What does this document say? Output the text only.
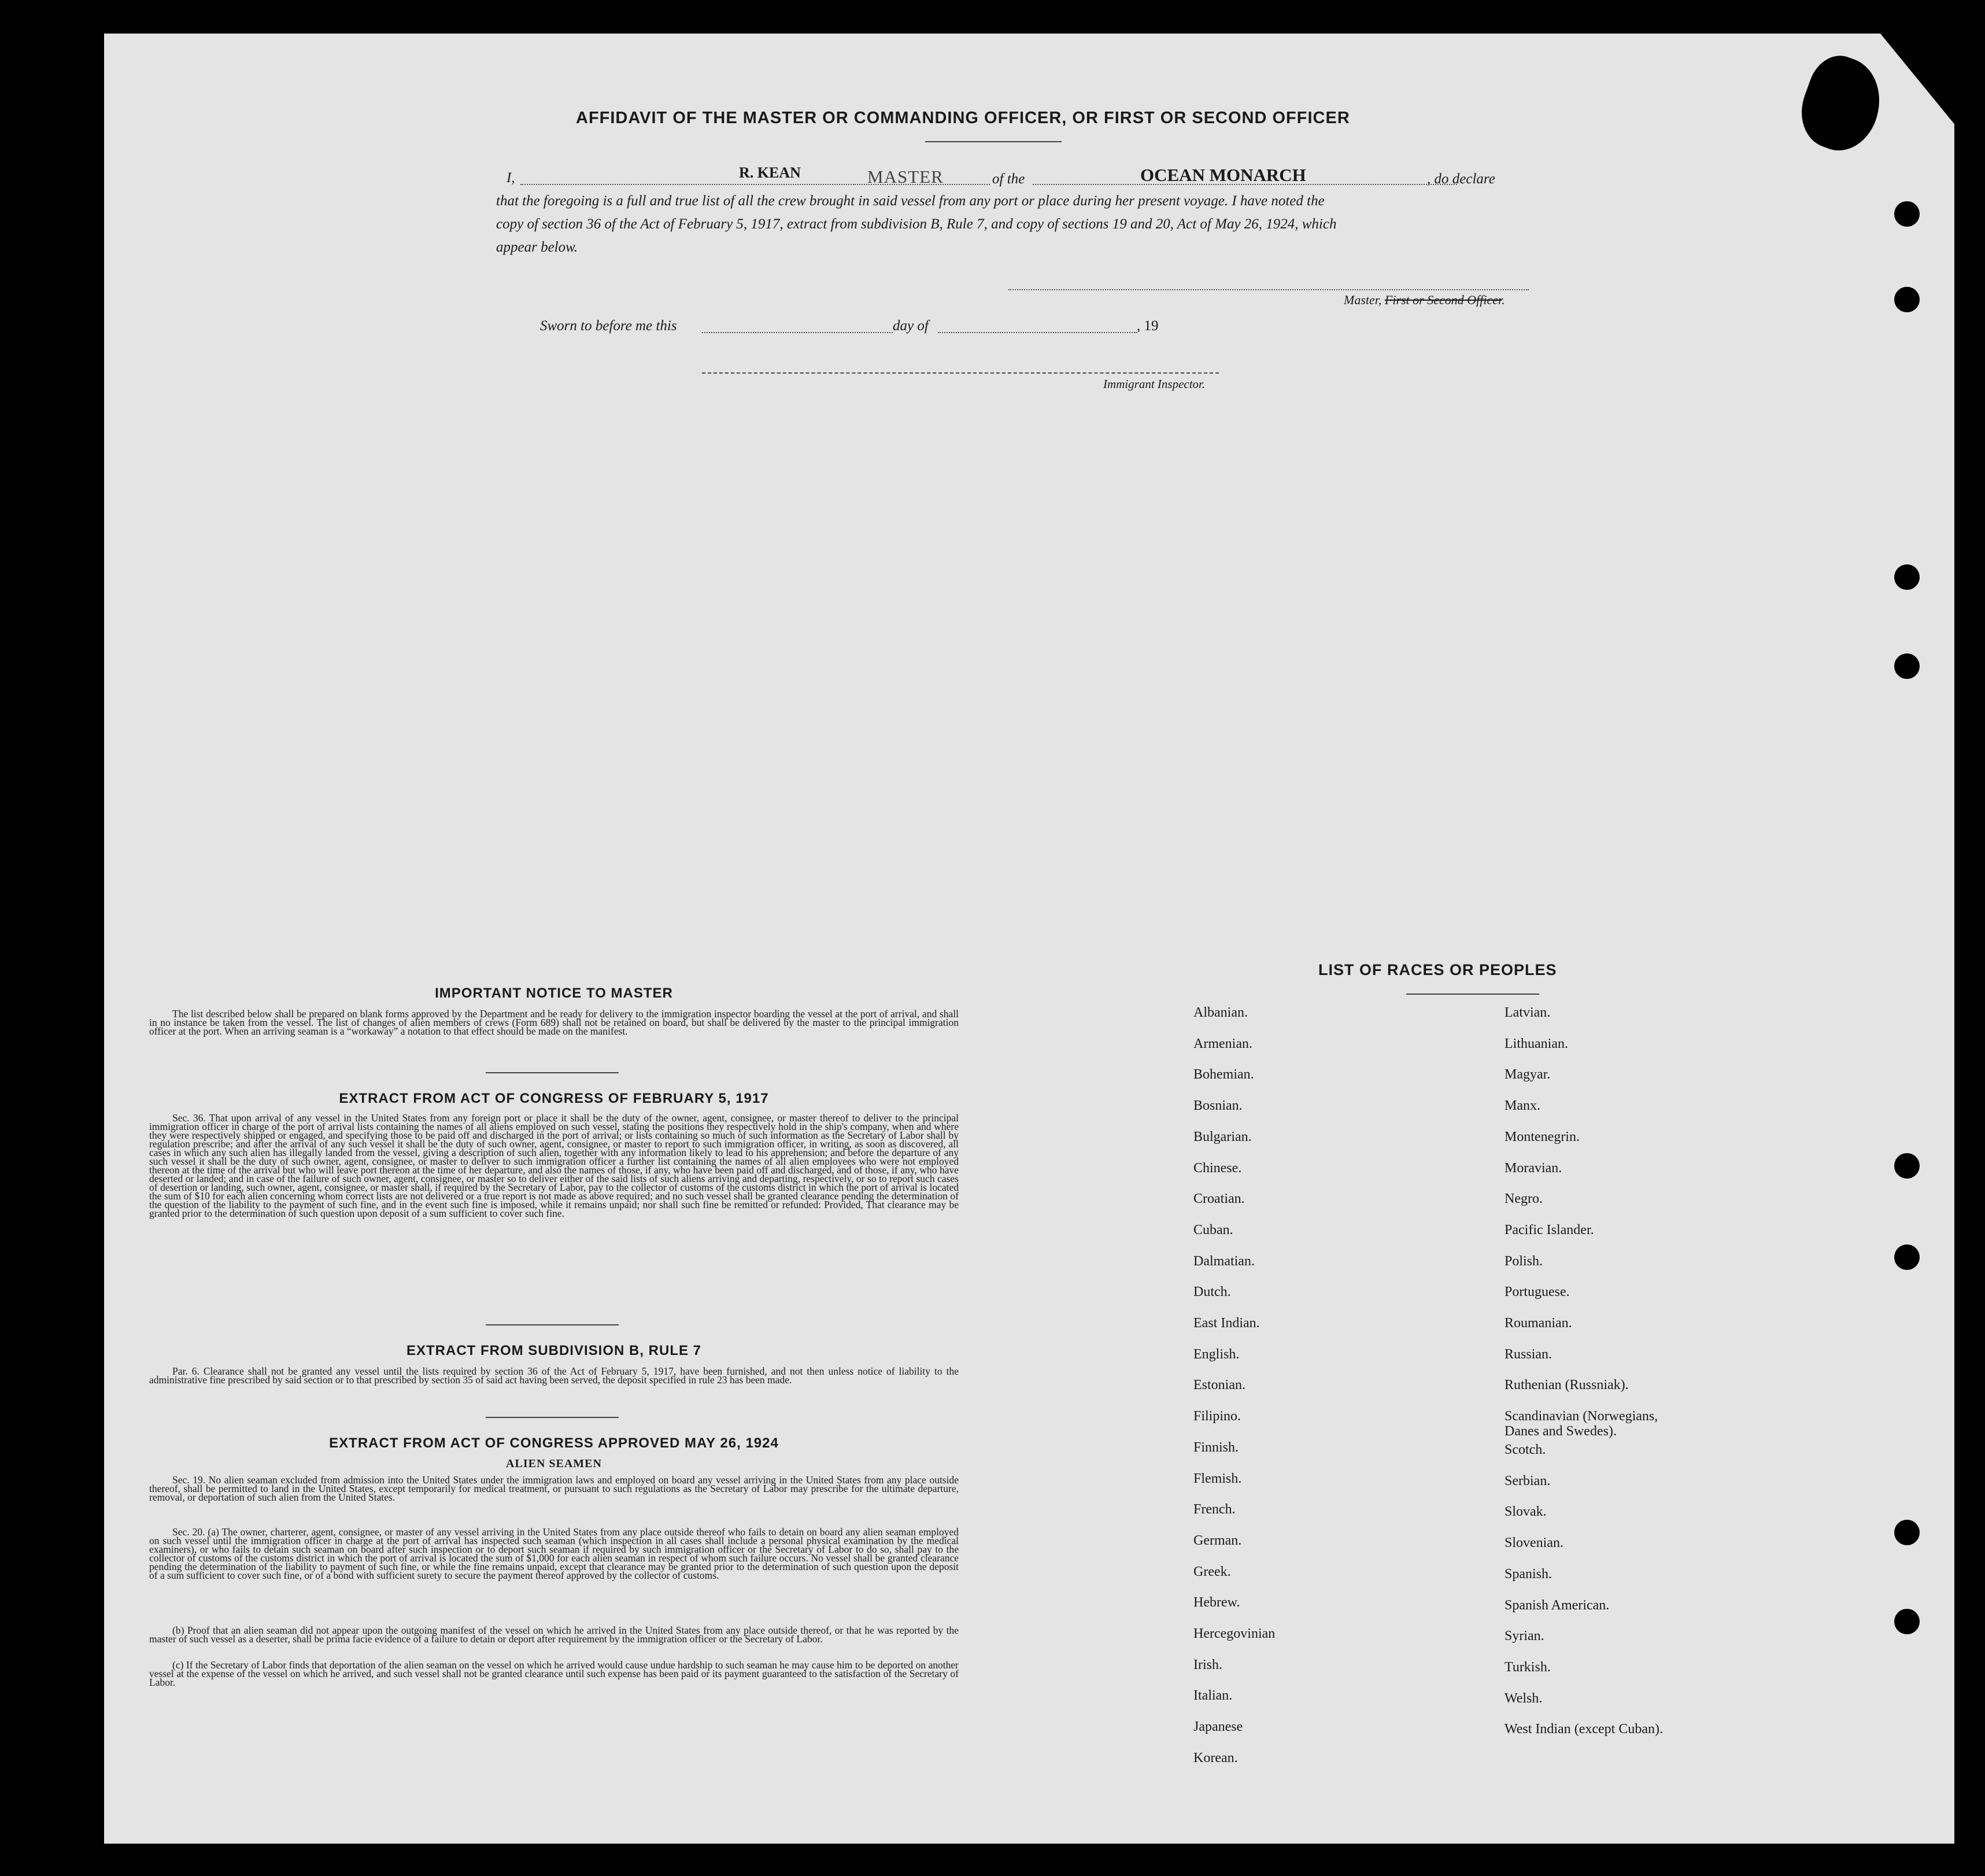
AFFIDAVIT OF THE MASTER OR COMMANDING OFFICER, OR FIRST OR SECOND OFFICER
I,	R. KEAN	MASTER	of the	OCEAN MONARCH	, do declare
that the foregoing is a full and true list of all the crew brought in said vessel from any port or place during her present voyage. I have noted the
copy of section 36 of the Act of February 5, 1917, extract from subdivision B, Rule 7, and copy of sections 19 and 20, Act of May 26, 1924, which
appear below.
Master, First or Second Officer.
Sworn to before me this	day of	, 19
Immigrant Inspector.
IMPORTANT NOTICE TO MASTER
The list described below shall be prepared on blank forms approved by the Department and be ready for delivery to the immigration inspector boarding the vessel at the port of arrival, and shall in no instance be taken from the vessel. The list of changes of alien members of crews (Form 689) shall not be retained on board, but shall be delivered by the master to the principal immigration officer at the port. When an arriving seaman is a “workaway” a notation to that effect should be made on the manifest.
EXTRACT FROM ACT OF CONGRESS OF FEBRUARY 5, 1917
Sec. 36. That upon arrival of any vessel in the United States from any foreign port or place it shall be the duty of the owner, agent, consignee, or master thereof to deliver to the principal immigration officer in charge of the port of arrival lists containing the names of all aliens employed on such vessel, stating the positions they respectively hold in the ship's company, when and where they were respectively shipped or engaged, and specifying those to be paid off and discharged in the port of arrival; or lists containing so much of such information as the Secretary of Labor shall by regulation prescribe; and after the arrival of any such vessel it shall be the duty of such owner, agent, consignee, or master to report to such immigration officer, in writing, as soon as discovered, all cases in which any such alien has illegally landed from the vessel, giving a description of such alien, together with any information likely to lead to his apprehension; and before the departure of any such vessel it shall be the duty of such owner, agent, consignee, or master to deliver to such immigration officer a further list containing the names of all alien employees who were not employed thereon at the time of the arrival but who will leave port thereon at the time of her departure, and also the names of those, if any, who have been paid off and discharged, and of those, if any, who have deserted or landed; and in case of the failure of such owner, agent, consignee, or master so to deliver either of the said lists of such aliens arriving and departing, respectively, or so to report such cases of desertion or landing, such owner, agent, consignee, or master shall, if required by the Secretary of Labor, pay to the collector of customs of the customs district in which the port of arrival is located the sum of $10 for each alien concerning whom correct lists are not delivered or a true report is not made as above required; and no such vessel shall be granted clearance pending the determination of the question of the liability to the payment of such fine, and in the event such fine is imposed, while it remains unpaid; nor shall such fine be remitted or refunded: Provided, That clearance may be granted prior to the determination of such question upon deposit of a sum sufficient to cover such fine.
EXTRACT FROM SUBDIVISION B, RULE 7
Par. 6. Clearance shall not be granted any vessel until the lists required by section 36 of the Act of February 5, 1917, have been furnished, and not then unless notice of liability to the administrative fine prescribed by said section or to that prescribed by section 35 of said act having been served, the deposit specified in rule 23 has been made.
EXTRACT FROM ACT OF CONGRESS APPROVED MAY 26, 1924
ALIEN SEAMEN
Sec. 19. No alien seaman excluded from admission into the United States under the immigration laws and employed on board any vessel arriving in the United States from any place outside thereof, shall be permitted to land in the United States, except temporarily for medical treatment, or pursuant to such regulations as the Secretary of Labor may prescribe for the ultimate departure, removal, or deportation of such alien from the United States.
Sec. 20. (a) The owner, charterer, agent, consignee, or master of any vessel arriving in the United States from any place outside thereof who fails to detain on board any alien seaman employed on such vessel until the immigration officer in charge at the port of arrival has inspected such seaman (which inspection in all cases shall include a personal physical examination by the medical examiners), or who fails to detain such seaman on board after such inspection or to deport such seaman if required by such immigration officer or the Secretary of Labor to do so, shall pay to the collector of customs of the customs district in which the port of arrival is located the sum of $1,000 for each alien seaman in respect of whom such failure occurs. No vessel shall be granted clearance pending the determination of the liability to payment of such fine, or while the fine remains unpaid, except that clearance may be granted prior to the determination of such question upon the deposit of a sum sufficient to cover such fine, or of a bond with sufficient surety to secure the payment thereof approved by the collector of customs.
(b) Proof that an alien seaman did not appear upon the outgoing manifest of the vessel on which he arrived in the United States from any place outside thereof, or that he was reported by the master of such vessel as a deserter, shall be prima facie evidence of a failure to detain or deport after requirement by the immigration officer or the Secretary of Labor.
(c) If the Secretary of Labor finds that deportation of the alien seaman on the vessel on which he arrived would cause undue hardship to such seaman he may cause him to be deported on another vessel at the expense of the vessel on which he arrived, and such vessel shall not be granted clearance until such expense has been paid or its payment guaranteed to the satisfaction of the Secretary of Labor.
LIST OF RACES OR PEOPLES
Albanian.
Armenian.
Bohemian.
Bosnian.
Bulgarian.
Chinese.
Croatian.
Cuban.
Dalmatian.
Dutch.
East Indian.
English.
Estonian.
Filipino.
Finnish.
Flemish.
French.
German.
Greek.
Hebrew.
Hercegovinian
Irish.
Italian.
Japanese
Korean.
Latvian.
Lithuanian.
Magyar.
Manx.
Montenegrin.
Moravian.
Negro.
Pacific Islander.
Polish.
Portuguese.
Roumanian.
Russian.
Ruthenian (Russniak).
Scandinavian (Norwegians, Danes and Swedes).
Scotch.
Serbian.
Slovak.
Slovenian.
Spanish.
Spanish American.
Syrian.
Turkish.
Welsh.
West Indian (except Cuban).
